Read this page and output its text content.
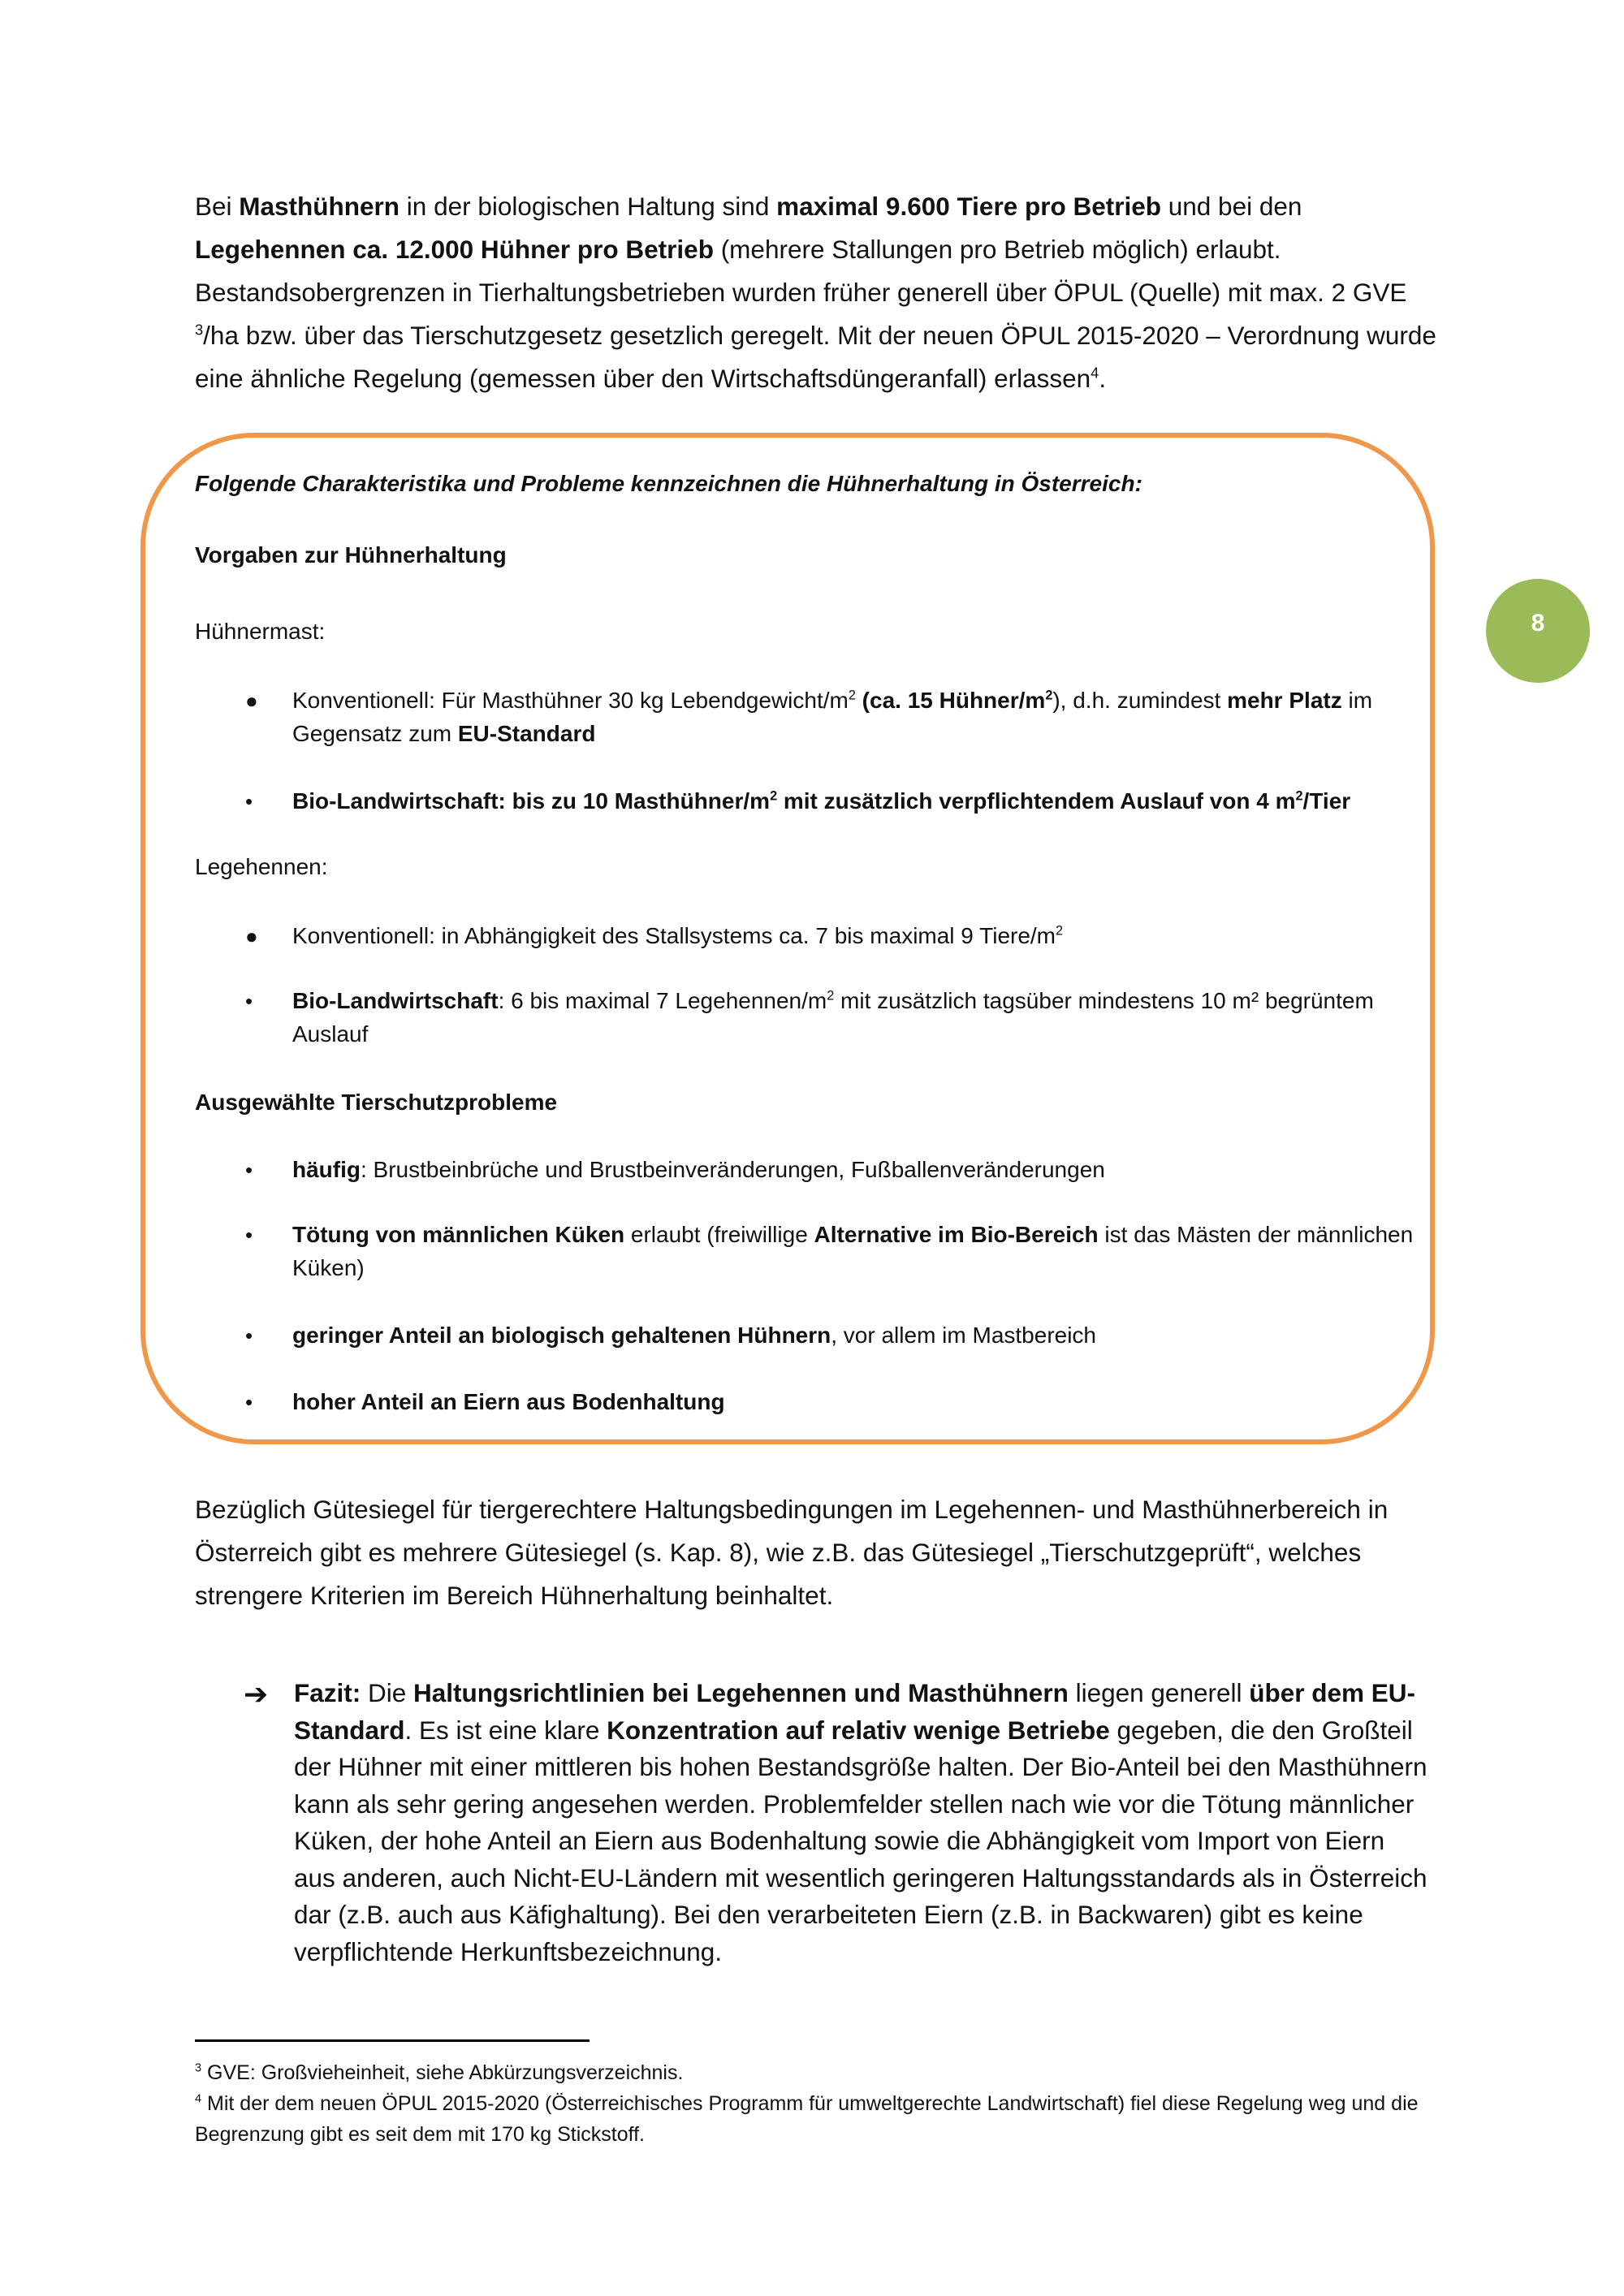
Bei Masthühnern in der biologischen Haltung sind maximal 9.600 Tiere pro Betrieb und bei den Legehennen ca. 12.000 Hühner pro Betrieb (mehrere Stallungen pro Betrieb möglich) erlaubt. Bestandsobergrenzen in Tierhaltungsbetrieben wurden früher generell über ÖPUL (Quelle) mit max. 2 GVE $^3$/ha bzw. über das Tierschutzgesetz gesetzlich geregelt. Mit der neuen ÖPUL 2015-2020 – Verordnung wurde eine ähnliche Regelung (gemessen über den Wirtschaftsdüngeranfall) erlassen$^4$.

Folgende Charakteristika und Probleme kennzeichnen die Hühnerhaltung in Österreich:
Vorgaben zur Hühnerhaltung
Hühnermast:
● Konventionell: Für Masthühner 30 kg Lebendgewicht/$m^2$ (ca. 15 Hühner/$m^2$), d.h. zumindest mehr Platz im Gegensatz zum EU-Standard
• Bio-Landwirtschaft: bis zu 10 Masthühner/$m^2$ mit zusätzlich verpflichtendem Auslauf von 4 $m^2$/Tier
Legehennen:
● Konventionell: in Abhängigkeit des Stallsystems ca. 7 bis maximal 9 Tiere/$m^2$
• Bio-Landwirtschaft: 6 bis maximal 7 Legehennen/$m^2$ mit zusätzlich tagsüber mindestens 10 m² begrüntem Auslauf
Ausgewählte Tierschutzprobleme
• häufig: Brustbeinbrüche und Brustbeinveränderungen, Fußballenveränderungen
• Tötung von männlichen Küken erlaubt (freiwillige Alternative im Bio-Bereich ist das Mästen der männlichen Küken)
• geringer Anteil an biologisch gehaltenen Hühnern, vor allem im Mastbereich
• hoher Anteil an Eiern aus Bodenhaltung
8
Bezüglich Gütesiegel für tiergerechtere Haltungsbedingungen im Legehennen- und Masthühnerbereich in Österreich gibt es mehrere Gütesiegel (s. Kap. 8), wie z.B. das Gütesiegel „Tierschutzgeprüft“, welches strengere Kriterien im Bereich Hühnerhaltung beinhaltet.
➔ Fazit: Die Haltungsrichtlinien bei Legehennen und Masthühnern liegen generell über dem EU-Standard. Es ist eine klare Konzentration auf relativ wenige Betriebe gegeben, die den Großteil der Hühner mit einer mittleren bis hohen Bestandsgröße halten. Der Bio-Anteil bei den Masthühnern kann als sehr gering angesehen werden. Problemfelder stellen nach wie vor die Tötung männlicher Küken, der hohe Anteil an Eiern aus Bodenhaltung sowie die Abhängigkeit vom Import von Eiern aus anderen, auch Nicht-EU-Ländern mit wesentlich geringeren Haltungsstandards als in Österreich dar (z.B. auch aus Käfighaltung). Bei den verarbeiteten Eiern (z.B. in Backwaren) gibt es keine verpflichtende Herkunftsbezeichnung.
$^3$ GVE: Großvieheinheit, siehe Abkürzungsverzeichnis.
$^4$ Mit der dem neuen ÖPUL 2015-2020 (Österreichisches Programm für umweltgerechte Landwirtschaft) fiel diese Regelung weg und die Begrenzung gibt es seit dem mit 170 kg Stickstoff.
